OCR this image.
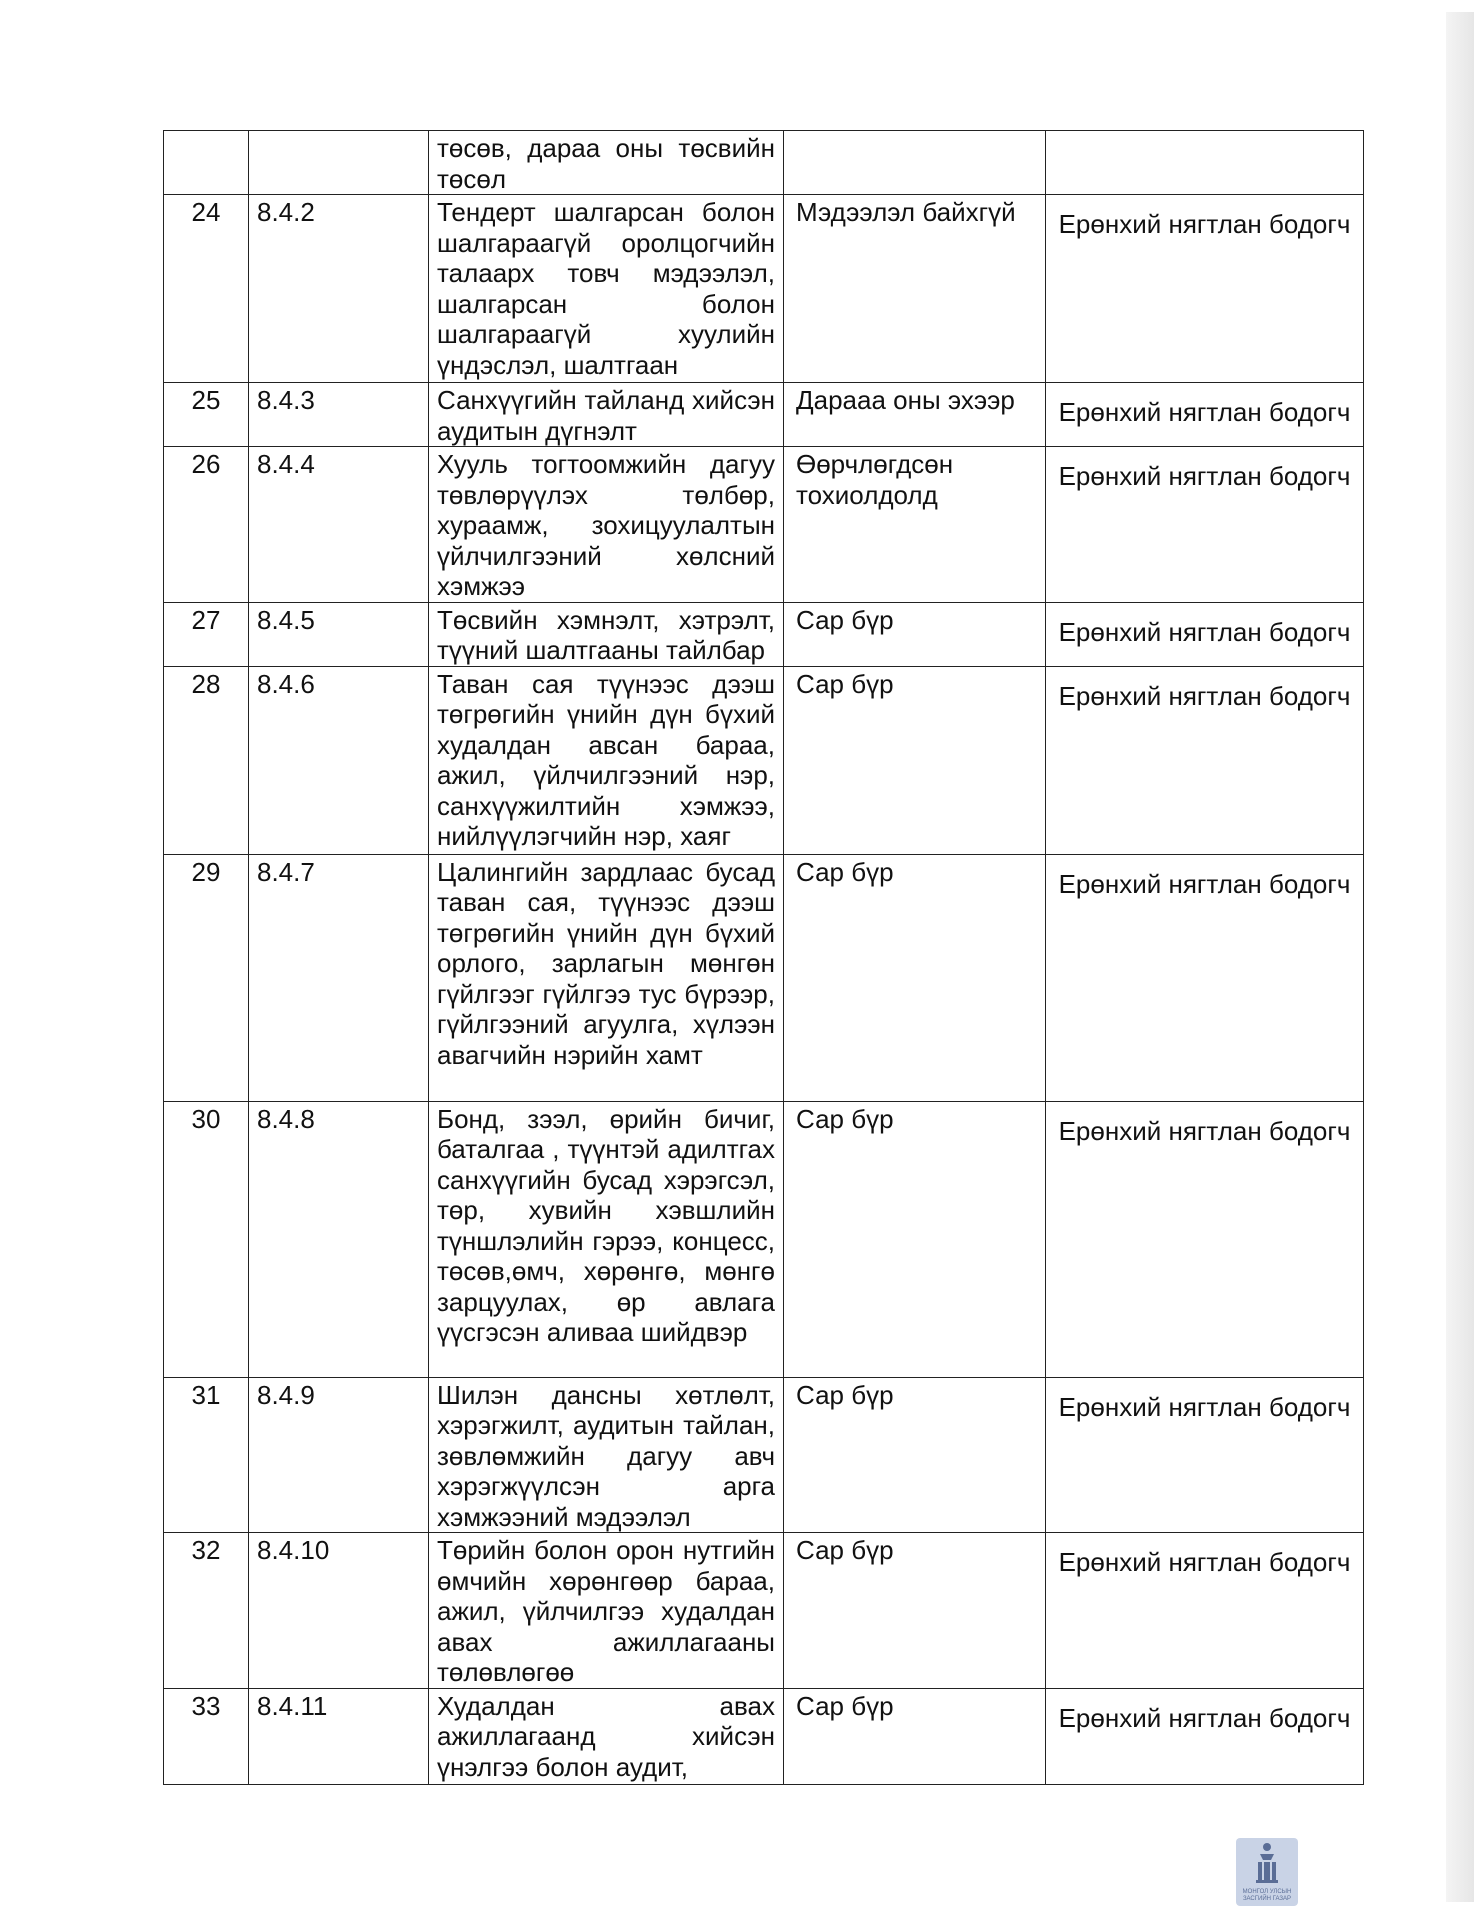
		төсөв, дараа оны төсвийн төсөл		
24	8.4.2	Тендерт шалгарсан болон шалгараагүй оролцогчийн талаарх товч мэдээлэл, шалгарсан болон шалгараагүй хуулийн үндэслэл, шалтгаан	Мэдээлэл байхгүй	Ерөнхий нягтлан бодогч
25	8.4.3	Санхүүгийн тайланд хийсэн аудитын дүгнэлт	Дарааа оны эхээр	Ерөнхий нягтлан бодогч
26	8.4.4	Хууль тогтоомжийн дагуу төвлөрүүлэх төлбөр, хураамж, зохицуулалтын үйлчилгээний хөлсний хэмжээ	Өөрчлөгдсөн тохиолдолд	Ерөнхий нягтлан бодогч
27	8.4.5	Төсвийн хэмнэлт, хэтрэлт, түүний шалтгааны тайлбар	Сар бүр	Ерөнхий нягтлан бодогч
28	8.4.6	Таван сая түүнээс дээш төгрөгийн үнийн дүн бүхий худалдан авсан бараа, ажил, үйлчилгээний нэр, санхүүжилтийн хэмжээ, нийлүүлэгчийн нэр, хаяг	Сар бүр	Ерөнхий нягтлан бодогч
29	8.4.7	Цалингийн зардлаас бусад таван сая, түүнээс дээш төгрөгийн үнийн дүн бүхий орлого, зарлагын мөнгөн гүйлгээг гүйлгээ тус бүрээр, гүйлгээний агуулга, хүлээн авагчийн нэрийн хамт	Сар бүр	Ерөнхий нягтлан бодогч
30	8.4.8	Бонд, зээл, өрийн бичиг, баталгаа , түүнтэй адилтгах санхүүгийн бусад хэрэгсэл, төр, хувийн хэвшлийн түншлэлийн гэрээ, концесс, төсөв,өмч, хөрөнгө, мөнгө зарцуулах, өр авлага үүсгэсэн аливаа шийдвэр	Сар бүр	Ерөнхий нягтлан бодогч
31	8.4.9	Шилэн дансны хөтлөлт, хэрэгжилт, аудитын тайлан, зөвлөмжийн дагуу авч хэрэгжүүлсэн арга хэмжээний мэдээлэл	Сар бүр	Ерөнхий нягтлан бодогч
32	8.4.10	Төрийн болон орон нутгийн өмчийн хөрөнгөөр бараа, ажил, үйлчилгээ худалдан авах ажиллагааны төлөвлөгөө	Сар бүр	Ерөнхий нягтлан бодогч
33	8.4.11	Худалдан авах ажиллагаанд хийсэн үнэлгээ болон аудит,	Сар бүр	Ерөнхий нягтлан бодогч
МОНГОЛ УЛСЫН ЗАСГИЙН ГАЗАР
